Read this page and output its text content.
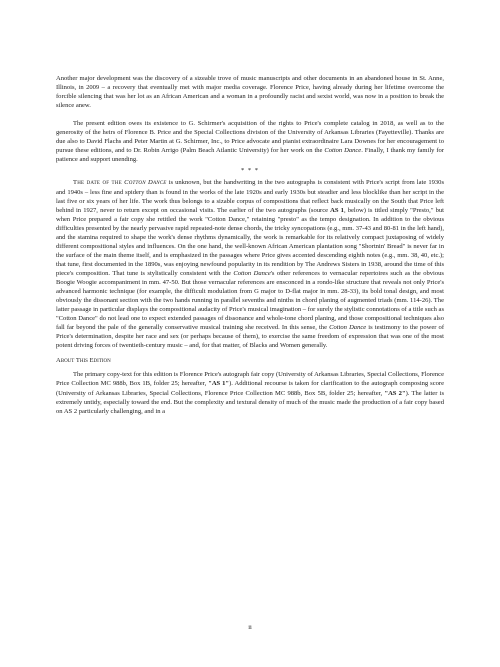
Another major development was the discovery of a sizeable trove of music manuscripts and other documents in an abandoned house in St. Anne, Illinois, in 2009 – a recovery that eventually met with major media coverage. Florence Price, having already during her lifetime overcome the forcible silencing that was her lot as an African American and a woman in a profoundly racist and sexist world, was now in a position to break the silence anew.

The present edition owes its existence to G. Schirmer's acquisition of the rights to Price's complete catalog in 2018, as well as to the generosity of the heirs of Florence B. Price and the Special Collections division of the University of Arkansas Libraries (Fayetteville). Thanks are due also to David Flachs and Peter Martin at G. Schirmer, Inc., to Price advocate and pianist extraordinaire Lara Downes for her encouragement to pursue these editions, and to Dr. Robin Arrigo (Palm Beach Atlantic University) for her work on the Cotton Dance. Finally, I thank my family for patience and support unending.

* * *

The date of the Cotton Dance is unknown, but the handwriting in the two autographs is consistent with Price's script from late 1930s and 1940s – less fine and spidery than is found in the works of the late 1920s and early 1930s but steadier and less blocklike than her script in the last five or six years of her life. The work thus belongs to a sizable corpus of compositions that reflect back musically on the South that Price left behind in 1927, never to return except on occasional visits. The earlier of the two autographs (source AS 1, below) is titled simply "Presto," but when Price prepared a fair copy she retitled the work "Cotton Dance," retaining "presto" as the tempo designation. In addition to the obvious difficulties presented by the nearly pervasive rapid repeated-note dense chords, the tricky syncopations (e.g., mm. 37-43 and 80-81 in the left hand), and the stamina required to shape the work's dense rhythms dynamically, the work is remarkable for its relatively compact juxtaposing of widely different compositional styles and influences. On the one hand, the well-known African American plantation song "Shortnin' Bread" is never far in the surface of the main theme itself, and is emphasized in the passages where Price gives accented descending eighth notes (e.g., mm. 38, 40, etc.); that tune, first documented in the 1890s, was enjoying newfound popularity in its rendition by The Andrews Sisters in 1938, around the time of this piece's composition. That tune is stylistically consistent with the Cotton Dance's other references to vernacular repertoires such as the obvious Boogie Woogie accompaniment in mm. 47-50. But those vernacular references are ensconced in a rondo-like structure that reveals not only Price's advanced harmonic technique (for example, the difficult modulation from G major to D-flat major in mm. 28-33), its bold tonal design, and most obviously the dissonant section with the two hands running in parallel sevenths and ninths in chord planing of augmented triads (mm. 114-26). The latter passage in particular displays the compositional audacity of Price's musical imagination – for surely the stylistic connotations of a title such as "Cotton Dance" do not lead one to expect extended passages of dissonance and whole-tone chord planing, and those compositional techniques also fall far beyond the pale of the generally conservative musical training she received. In this sense, the Cotton Dance is testimony to the power of Price's determination, despite her race and sex (or perhaps because of them), to exercise the same freedom of expression that was one of the most potent driving forces of twentieth-century music – and, for that matter, of Blacks and Women generally.

About This Edition

The primary copy-text for this edition is Florence Price's autograph fair copy (University of Arkansas Libraries, Special Collections, Florence Price Collection MC 988b, Box 1B, folder 25; hereafter, "AS 1"). Additional recourse is taken for clarification to the autograph composing score (University of Arkansas Libraries, Special Collections, Florence Price Collection MC 988b, Box 5B, folder 25; hereafter, "AS 2"). The latter is extremely untidy, especially toward the end. But the complexity and textural density of much of the music made the production of a fair copy based on AS 2 particularly challenging, and in a

ii
